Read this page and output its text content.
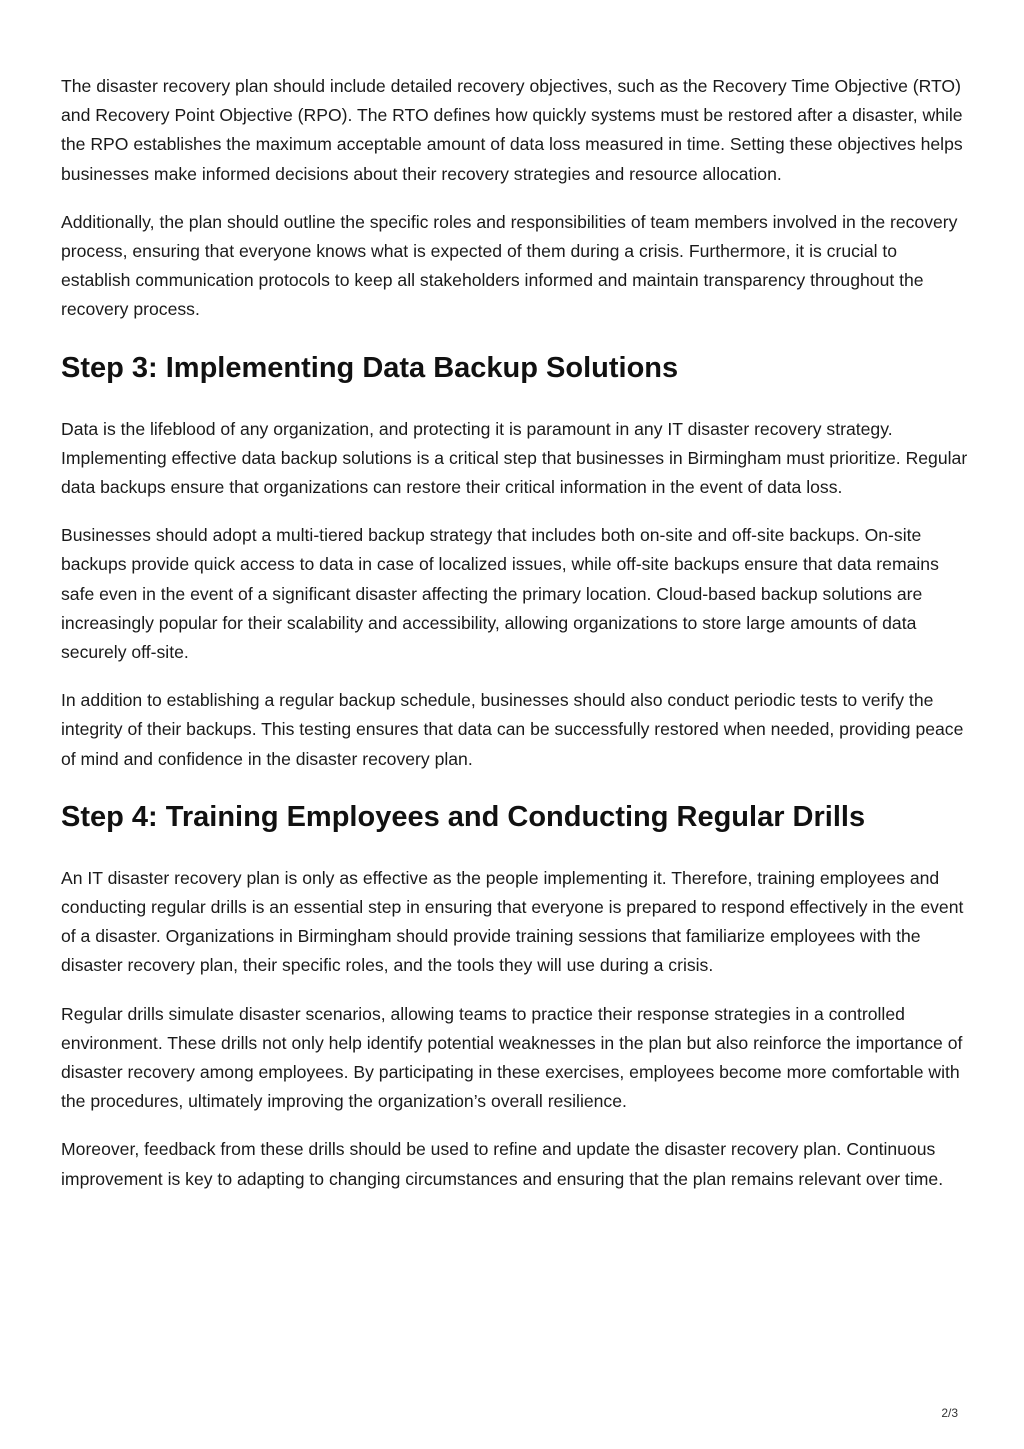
The disaster recovery plan should include detailed recovery objectives, such as the Recovery Time Objective (RTO) and Recovery Point Objective (RPO). The RTO defines how quickly systems must be restored after a disaster, while the RPO establishes the maximum acceptable amount of data loss measured in time. Setting these objectives helps businesses make informed decisions about their recovery strategies and resource allocation.

Additionally, the plan should outline the specific roles and responsibilities of team members involved in the recovery process, ensuring that everyone knows what is expected of them during a crisis. Furthermore, it is crucial to establish communication protocols to keep all stakeholders informed and maintain transparency throughout the recovery process.

Step 3: Implementing Data Backup Solutions

Data is the lifeblood of any organization, and protecting it is paramount in any IT disaster recovery strategy. Implementing effective data backup solutions is a critical step that businesses in Birmingham must prioritize. Regular data backups ensure that organizations can restore their critical information in the event of data loss.

Businesses should adopt a multi-tiered backup strategy that includes both on-site and off-site backups. On-site backups provide quick access to data in case of localized issues, while off-site backups ensure that data remains safe even in the event of a significant disaster affecting the primary location. Cloud-based backup solutions are increasingly popular for their scalability and accessibility, allowing organizations to store large amounts of data securely off-site.

In addition to establishing a regular backup schedule, businesses should also conduct periodic tests to verify the integrity of their backups. This testing ensures that data can be successfully restored when needed, providing peace of mind and confidence in the disaster recovery plan.

Step 4: Training Employees and Conducting Regular Drills

An IT disaster recovery plan is only as effective as the people implementing it. Therefore, training employees and conducting regular drills is an essential step in ensuring that everyone is prepared to respond effectively in the event of a disaster. Organizations in Birmingham should provide training sessions that familiarize employees with the disaster recovery plan, their specific roles, and the tools they will use during a crisis.

Regular drills simulate disaster scenarios, allowing teams to practice their response strategies in a controlled environment. These drills not only help identify potential weaknesses in the plan but also reinforce the importance of disaster recovery among employees. By participating in these exercises, employees become more comfortable with the procedures, ultimately improving the organization’s overall resilience.

Moreover, feedback from these drills should be used to refine and update the disaster recovery plan. Continuous improvement is key to adapting to changing circumstances and ensuring that the plan remains relevant over time.

2/3
